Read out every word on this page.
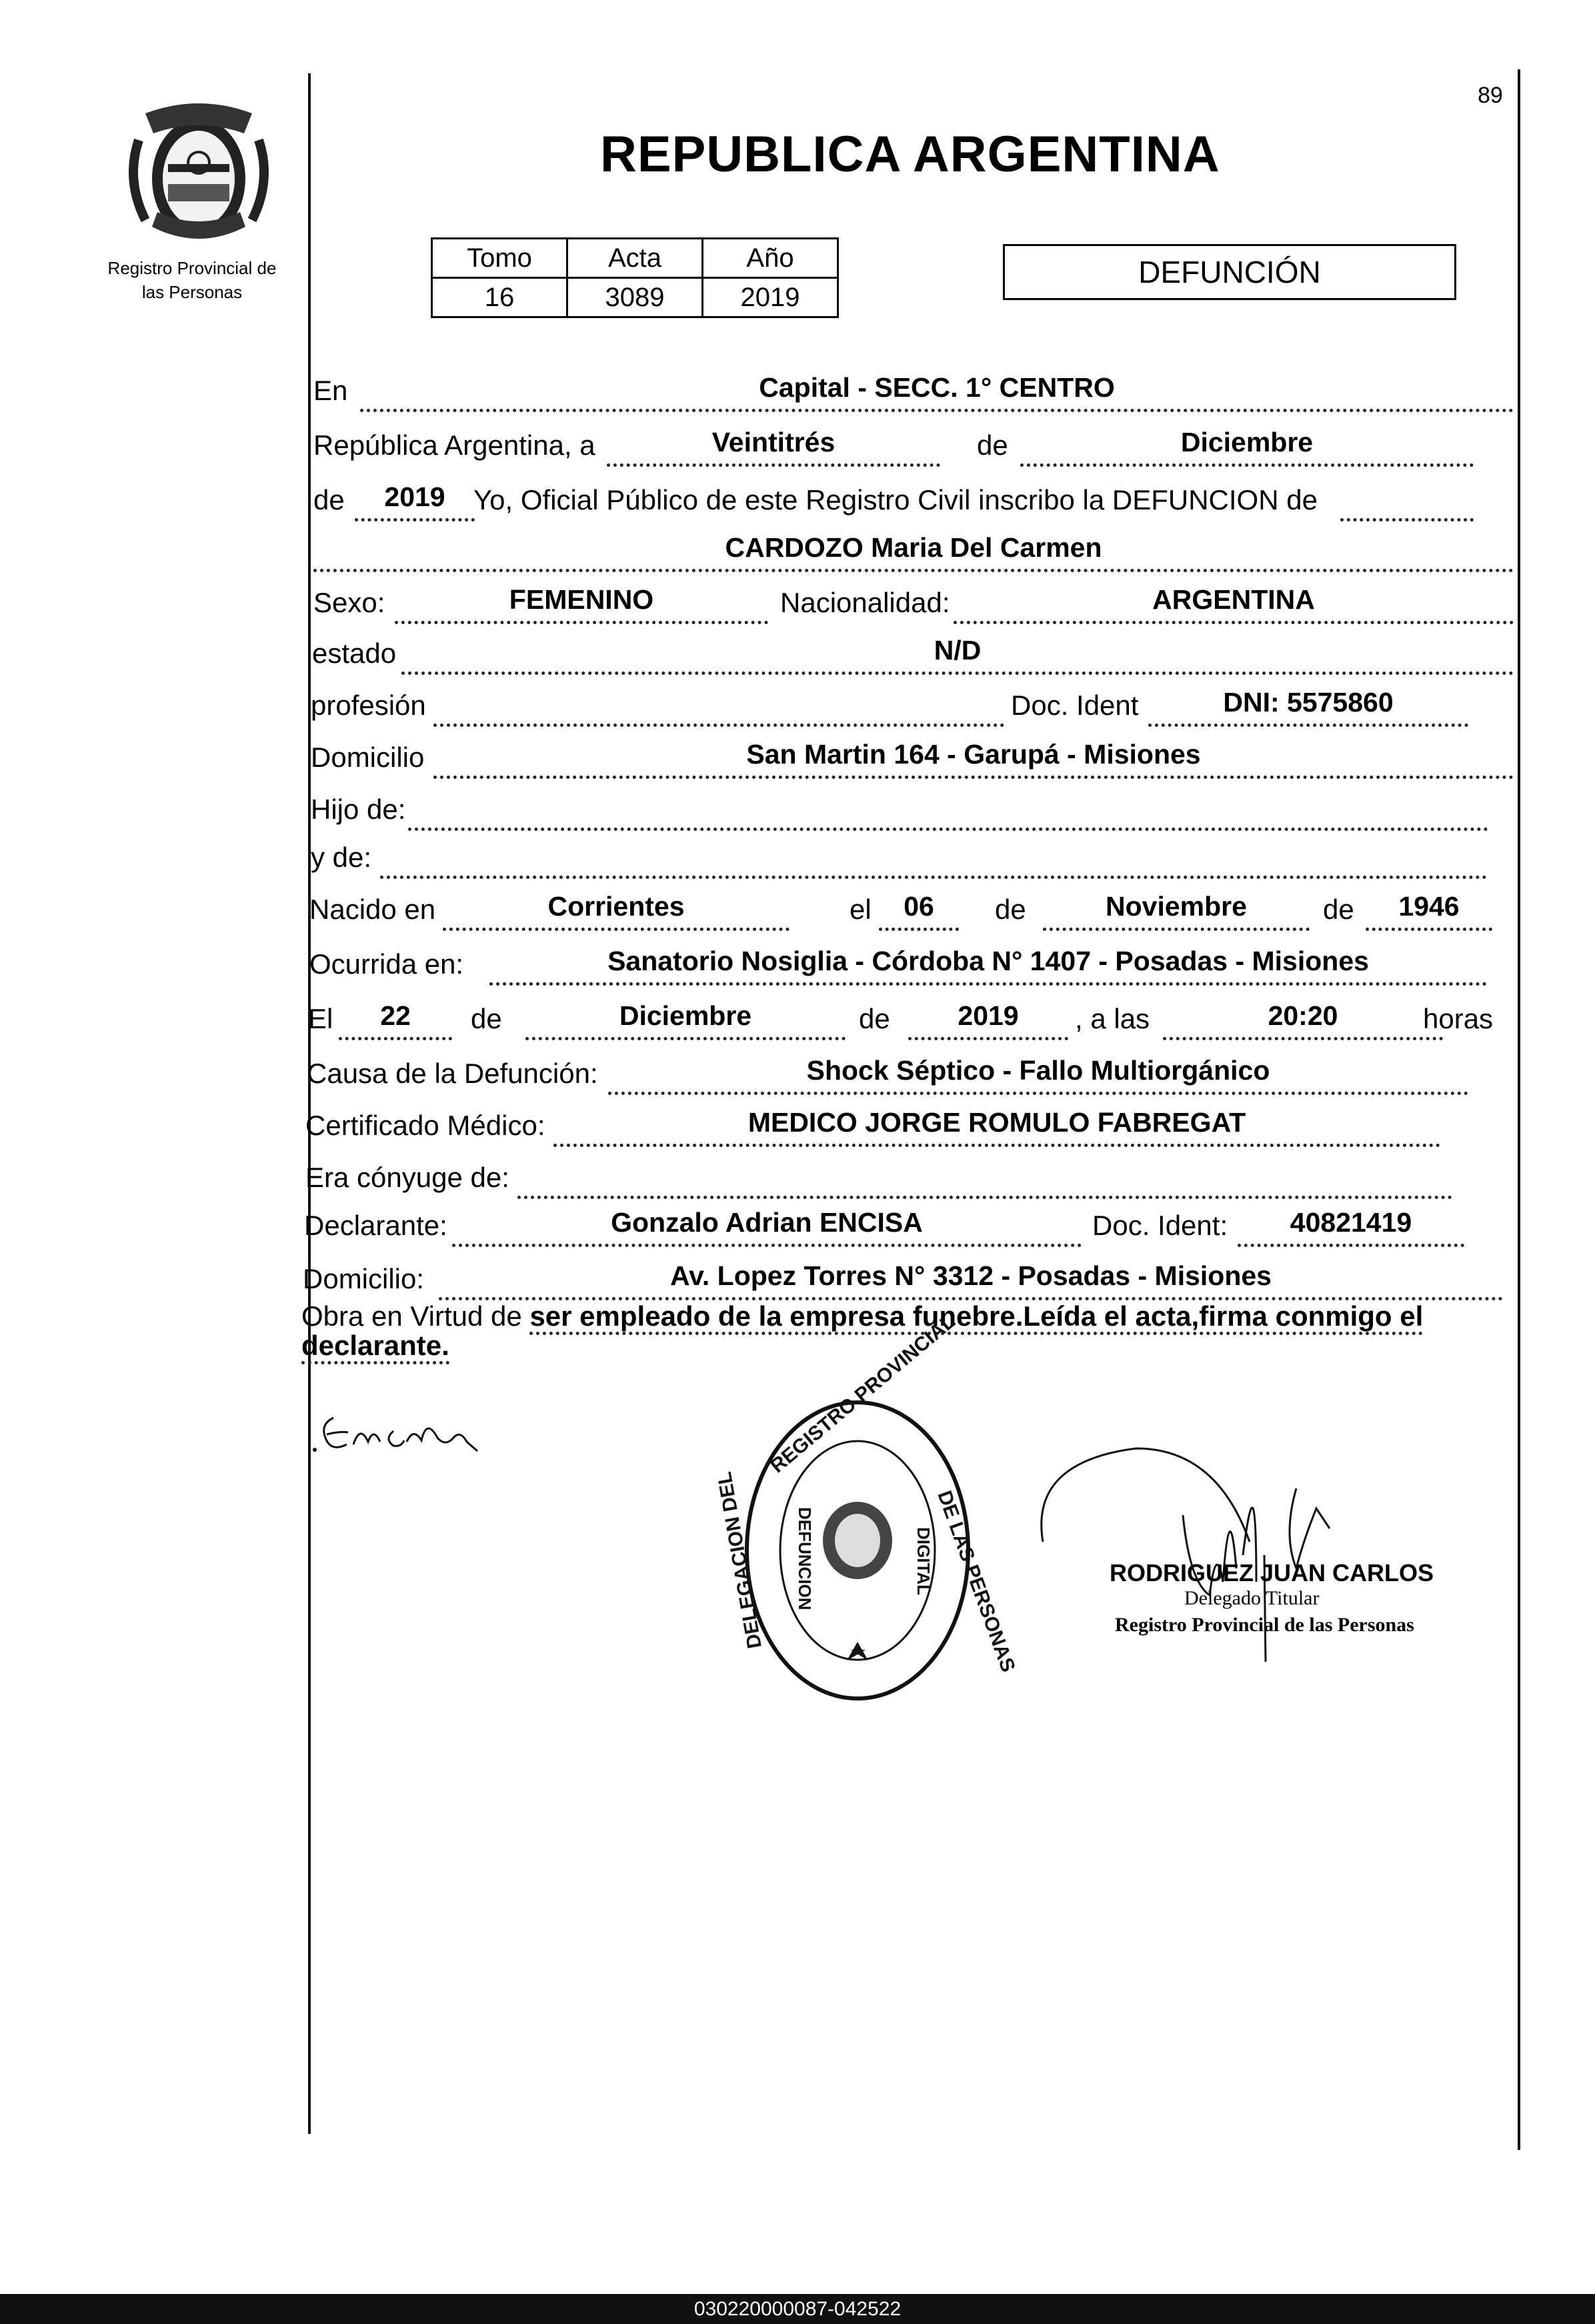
89
Registro Provincial de
las Personas
REPUBLICA ARGENTINA
Tomo	Acta	Año
16	3089	2019
DEFUNCIÓN
En	Capital - SECC. 1° CENTRO
República Argentina, a	Veintitrés	de	Diciembre
de	2019	Yo, Oficial Público de este Registro Civil inscribo la DEFUNCION de
CARDOZO Maria Del Carmen
Sexo:	FEMENINO	Nacionalidad:	ARGENTINA
estado	N/D
profesión	Doc. Ident	DNI: 5575860
Domicilio	San Martin 164 - Garupá - Misiones
Hijo de:
y de:
Nacido en	Corrientes	el	06	de	Noviembre	de	1946
Ocurrida en:	Sanatorio Nosiglia - Córdoba N° 1407 - Posadas - Misiones
El	22	de	Diciembre	de	2019	, a las	20:20	horas
Causa de la Defunción:	Shock Séptico - Fallo Multiorgánico
Certificado Médico:	MEDICO JORGE ROMULO FABREGAT
Era cónyuge de:
Declarante:	Gonzalo Adrian ENCISA	Doc. Ident:	40821419
Domicilio:	Av. Lopez Torres N° 3312 - Posadas - Misiones
Obra en Virtud de ser empleado de la empresa funebre.Leída el acta,firma conmigo el declarante.	REGISTRO PROVINCIAL
DE LAS PERSONAS
DELEGACION DEL DEFUNCION	DIGITAL	RODRIGUEZ JUAN CARLOS
Delegado Titular
Registro Provincial de las Personas
030220000087-042522
